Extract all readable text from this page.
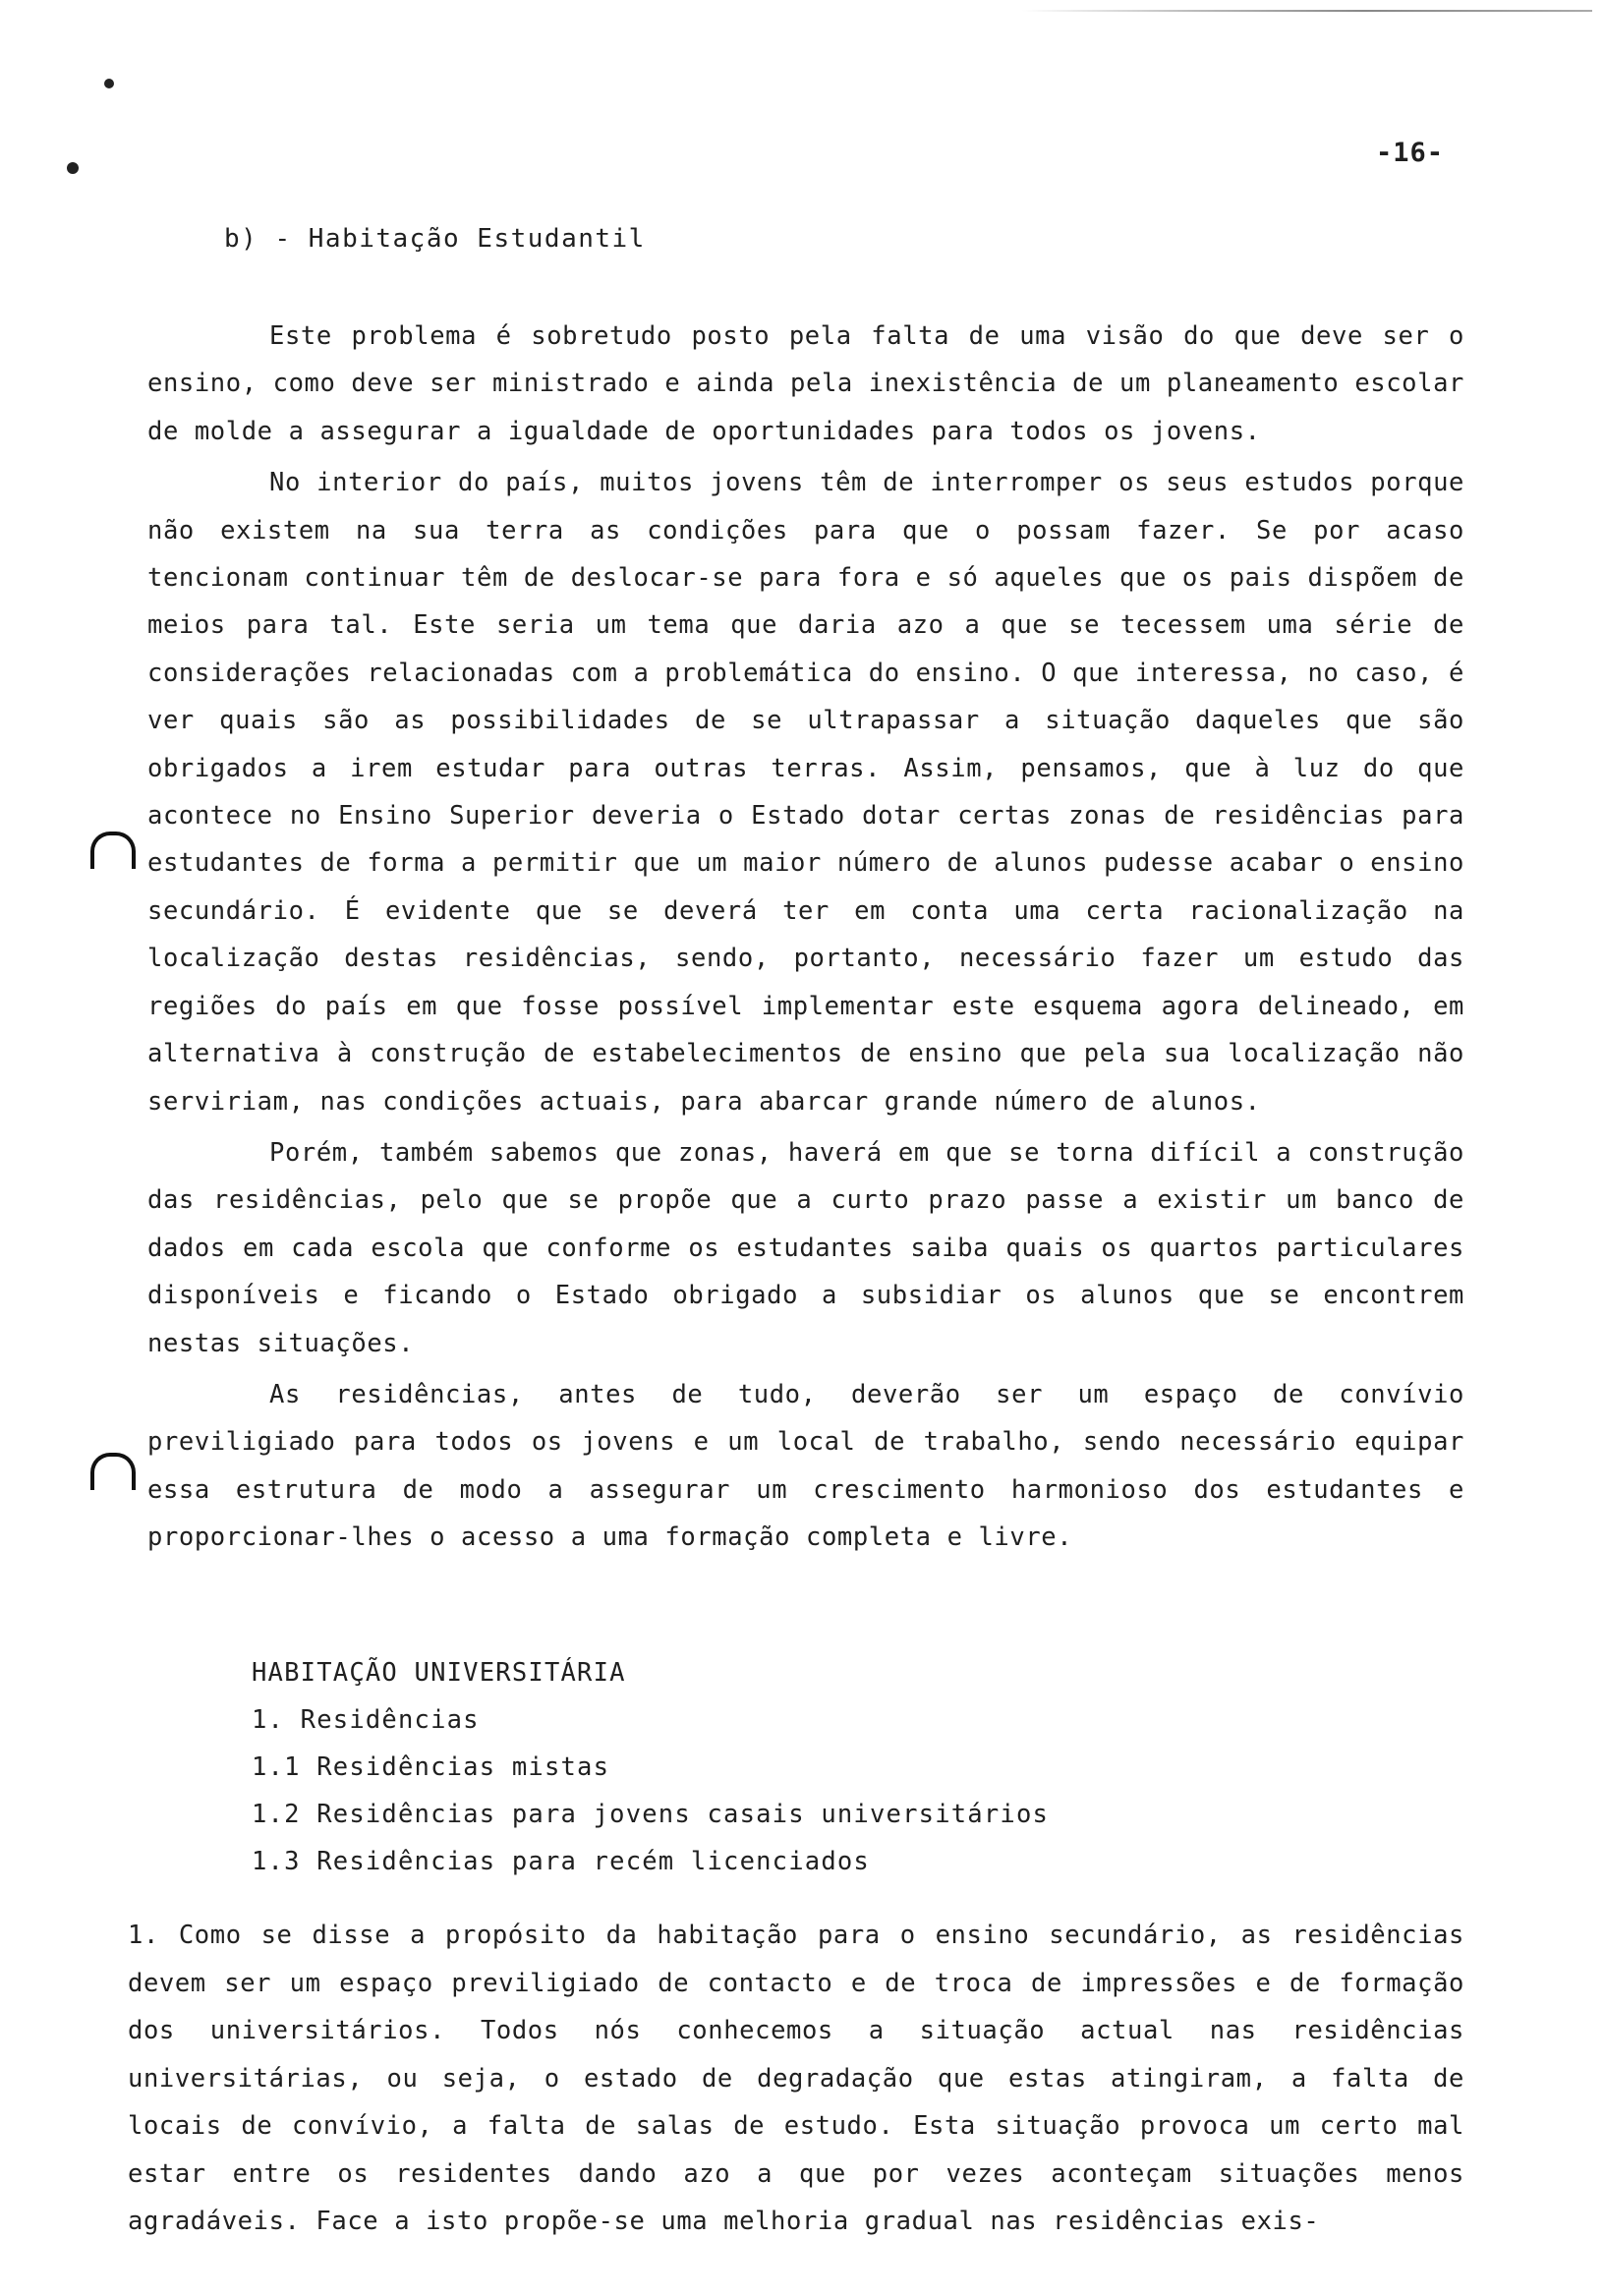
-16-
b) - Habitação Estudantil

Este problema é sobretudo posto pela falta de uma visão do que deve ser o ensino, como deve ser ministrado e ainda pela inexistência de um planeamento escolar de molde a assegurar a igualdade de oportunidades para todos os jovens.

No interior do país, muitos jovens têm de interromper os seus estudos porque não existem na sua terra as condições para que o possam fazer. Se por acaso tencionam continuar têm de deslocar-se para fora e só aqueles que os pais dispõem de meios para tal. Este seria um tema que daria azo a que se tecessem uma série de considerações relacionadas com a problemática do ensino. O que interessa, no caso, é ver quais são as possibilidades de se ultrapassar a situação daqueles que são obrigados a irem estudar para outras terras. Assim, pensamos, que à luz do que acontece no Ensino Superior deveria o Estado dotar certas zonas de residências para estudantes de forma a permitir que um maior número de alunos pudesse acabar o ensino secundário. É evidente que se deverá ter em conta uma certa racionalização na localização destas residências, sendo, portanto, necessário fazer um estudo das regiões do país em que fosse possível implementar este esquema agora delineado, em alternativa à construção de estabelecimentos de ensino que pela sua localização não serviriam, nas condições actuais, para abarcar grande número de alunos.

Porém, também sabemos que zonas, haverá em que se torna difícil a construção das residências, pelo que se propõe que a curto prazo passe a existir um banco de dados em cada escola que conforme os estudantes saiba quais os quartos particulares disponíveis e ficando o Estado obrigado a subsidiar os alunos que se encontrem nestas situações.

As residências, antes de tudo, deverão ser um espaço de convívio previligiado para todos os jovens e um local de trabalho, sendo necessário equipar essa estrutura de modo a assegurar um crescimento harmonioso dos estudantes e proporcionar-lhes o acesso a uma formação completa e livre.

HABITAÇÃO UNIVERSITÁRIA
1. Residências
1.1 Residências mistas
1.2 Residências para jovens casais universitários
1.3 Residências para recém licenciados

1. Como se disse a propósito da habitação para o ensino secundário, as residências devem ser um espaço previligiado de contacto e de troca de impressões e de formação dos universitários. Todos nós conhecemos a situação actual nas residências universitárias, ou seja, o estado de degradação que estas atingiram, a falta de locais de convívio, a falta de salas de estudo. Esta situação provoca um certo mal estar entre os residentes dando azo a que por vezes aconteçam situações menos agradáveis. Face a isto propõe-se uma melhoria gradual nas residências exis-
